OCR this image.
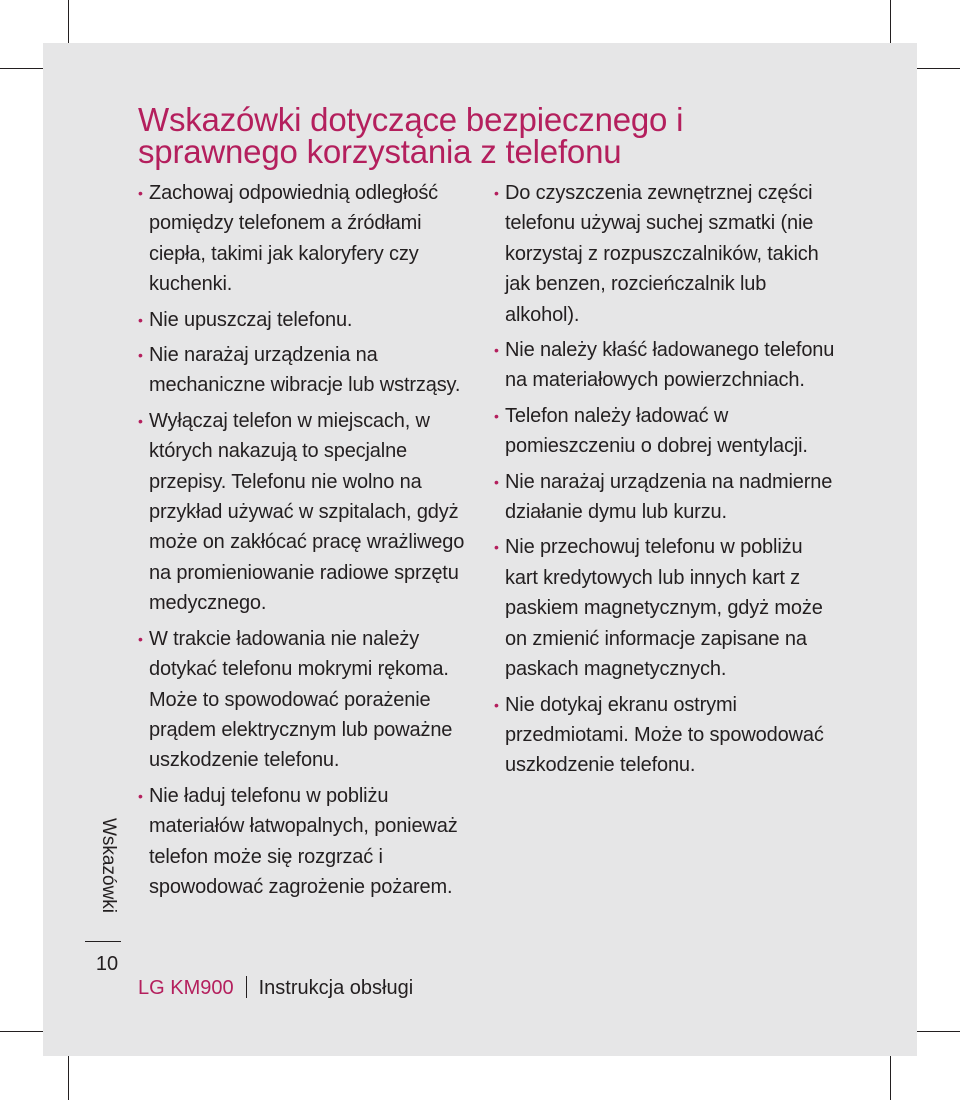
Wskazówki dotyczące bezpiecznego i sprawnego korzystania z telefonu
• Zachowaj odpowiednią odległość pomiędzy telefonem a źródłami ciepła, takimi jak kaloryfery czy kuchenki.
• Nie upuszczaj telefonu.
• Nie narażaj urządzenia na mechaniczne wibracje lub wstrząsy.
• Wyłączaj telefon w miejscach, w których nakazują to specjalne przepisy. Telefonu nie wolno na przykład używać w szpitalach, gdyż może on zakłócać pracę wrażliwego na promieniowanie radiowe sprzętu medycznego.
• W trakcie ładowania nie należy dotykać telefonu mokrymi rękoma. Może to spowodować porażenie prądem elektrycznym lub poważne uszkodzenie telefonu.
• Nie ładuj telefonu w pobliżu materiałów łatwopalnych, ponieważ telefon może się rozgrzać i spowodować zagrożenie pożarem.
• Do czyszczenia zewnętrznej części telefonu używaj suchej szmatki (nie korzystaj z rozpuszczalników, takich jak benzen, rozcieńczalnik lub alkohol).
• Nie należy kłaść ładowanego telefonu na materiałowych powierzchniach.
• Telefon należy ładować w pomieszczeniu o dobrej wentylacji.
• Nie narażaj urządzenia na nadmierne działanie dymu lub kurzu.
• Nie przechowuj telefonu w pobliżu kart kredytowych lub innych kart z paskiem magnetycznym, gdyż może on zmienić informacje zapisane na paskach magnetycznych.
• Nie dotykaj ekranu ostrymi przedmiotami. Może to spowodować uszkodzenie telefonu.
LG KM900 Instrukcja obsługi
Wskazówki
10
